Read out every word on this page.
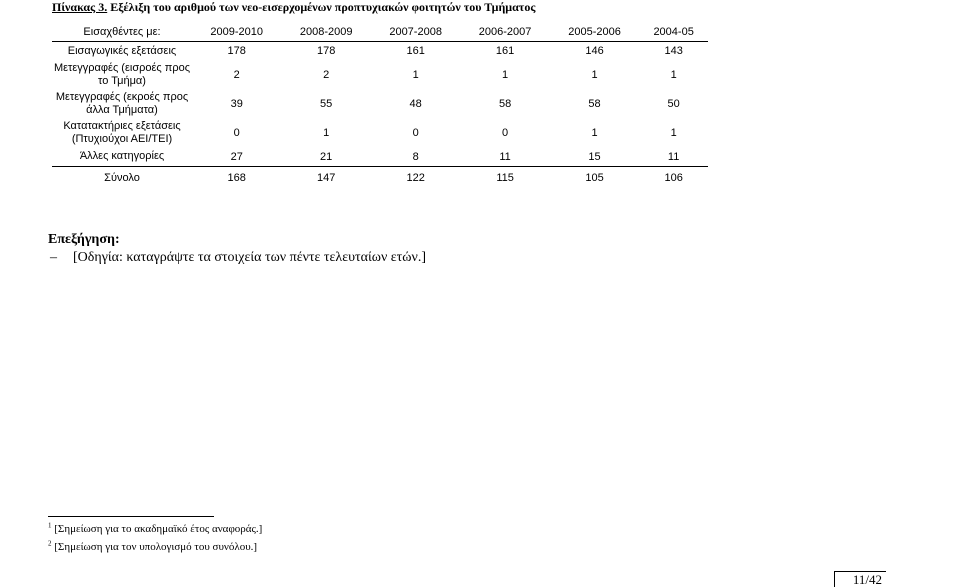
Πίνακας 3. Εξέλιξη του αριθμού των νεο-εισερχομένων προπτυχιακών φοιτητών του Τμήματος
Εισαχθέντες με:	2009-2010	2008-2009	2007-2008	2006-2007	2005-2006	2004-05
Εισαγωγικές εξετάσεις	178	178	161	161	146	143
Μετεγγραφές (εισροές προς το Τμήμα)	2	2	1	1	1	1
Μετεγγραφές (εκροές προς άλλα Τμήματα)	39	55	48	58	58	50
Κατατακτήριες εξετάσεις (Πτυχιούχοι ΑΕΙ/ΤΕΙ)	0	1	0	0	1	1
Άλλες κατηγορίες	27	21	8	11	15	11
Σύνολο	168	147	122	115	105	106
Επεξήγηση:
–	[Οδηγία: καταγράψτε τα στοιχεία των πέντε τελευταίων ετών.]
$^1$ [Σημείωση για το ακαδημαϊκό έτος αναφοράς.]
$^2$ [Σημείωση για τον υπολογισμό του συνόλου.]
11/42
